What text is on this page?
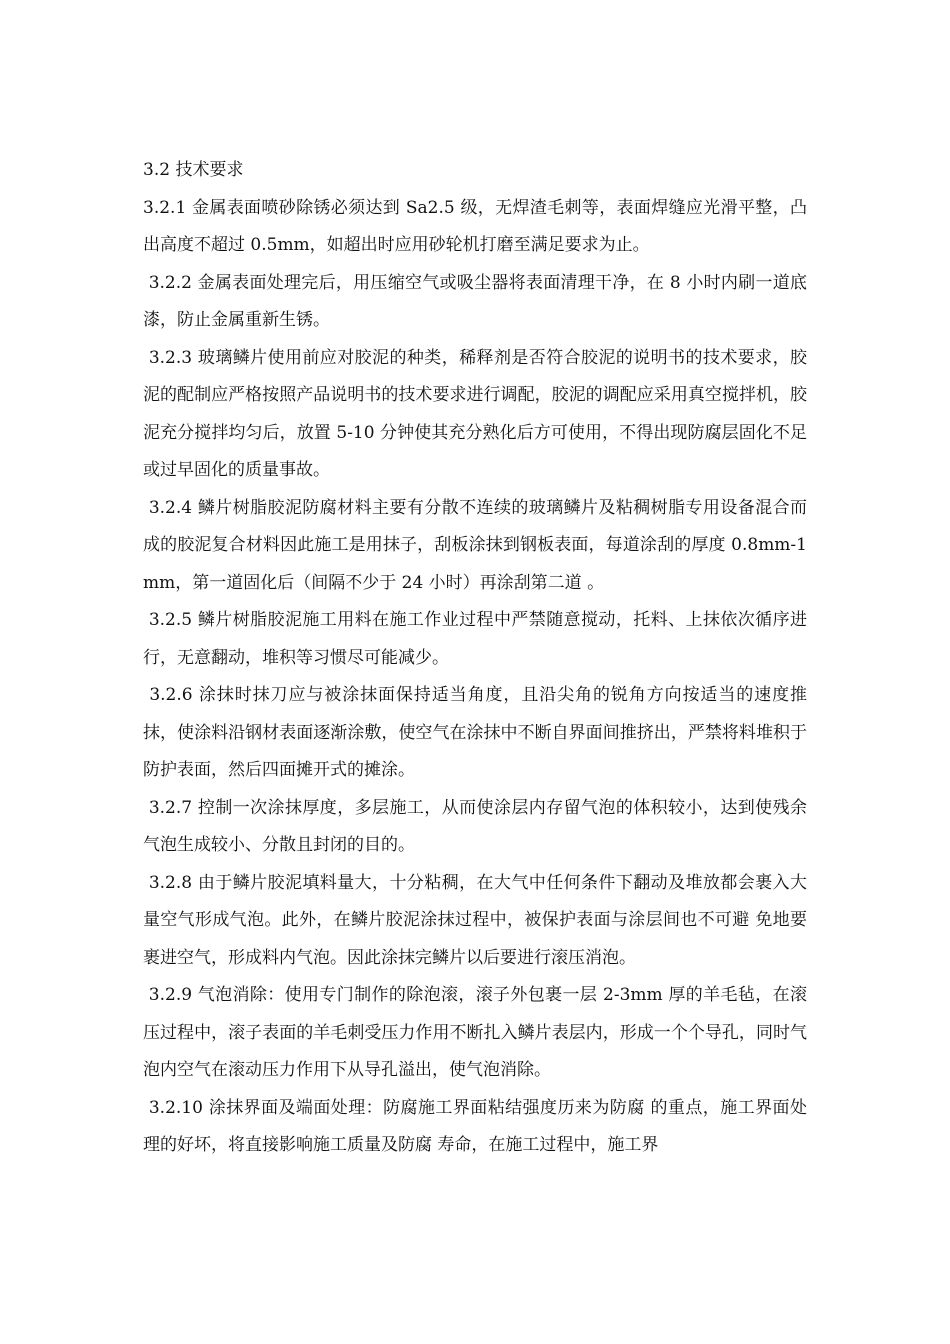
3.2 技术要求

3.2.1 金属表面喷砂除锈必须达到 Sa2.5 级，无焊渣毛刺等，表面焊缝应光滑平整，凸出高度不超过 0.5mm，如超出时应用砂轮机打磨至满足要求为止。

3.2.2 金属表面处理完后，用压缩空气或吸尘器将表面清理干净，在 8 小时内刷一道底漆，防止金属重新生锈。

3.2.3 玻璃鳞片使用前应对胶泥的种类，稀释剂是否符合胶泥的说明书的技术要求，胶泥的配制应严格按照产品说明书的技术要求进行调配，胶泥的调配应采用真空搅拌机，胶泥充分搅拌均匀后，放置 5-10 分钟使其充分熟化后方可使用，不得出现防腐层固化不足或过早固化的质量事故。

3.2.4 鳞片树脂胶泥防腐材料主要有分散不连续的玻璃鳞片及粘稠树脂专用设备混合而成的胶泥复合材料因此施工是用抹子，刮板涂抹到钢板表面，每道涂刮的厚度 0.8mm-1mm，第一道固化后（间隔不少于 24 小时）再涂刮第二道 。

3.2.5 鳞片树脂胶泥施工用料在施工作业过程中严禁随意搅动，托料、上抹依次循序进行，无意翻动，堆积等习惯尽可能减少。

3.2.6 涂抹时抹刀应与被涂抹面保持适当角度，且沿尖角的锐角方向按适当的速度推抹，使涂料沿钢材表面逐渐涂敷，使空气在涂抹中不断自界面间推挤出，严禁将料堆积于防护表面，然后四面摊开式的摊涂。

3.2.7 控制一次涂抹厚度，多层施工，从而使涂层内存留气泡的体积较小，达到使残余气泡生成较小、分散且封闭的目的。

3.2.8 由于鳞片胶泥填料量大，十分粘稠，在大气中任何条件下翻动及堆放都会裹入大量空气形成气泡。此外，在鳞片胶泥涂抹过程中，被保护表面与涂层间也不可避 免地要裹进空气，形成料内气泡。因此涂抹完鳞片以后要进行滚压消泡。

3.2.9 气泡消除：使用专门制作的除泡滚，滚子外包裹一层 2-3mm 厚的羊毛毡，在滚压过程中，滚子表面的羊毛刺受压力作用不断扎入鳞片表层内，形成一个个导孔，同时气泡内空气在滚动压力作用下从导孔溢出，使气泡消除。

3.2.10 涂抹界面及端面处理：防腐施工界面粘结强度历来为防腐 的重点，施工界面处理的好坏，将直接影响施工质量及防腐 寿命，在施工过程中，施工界
